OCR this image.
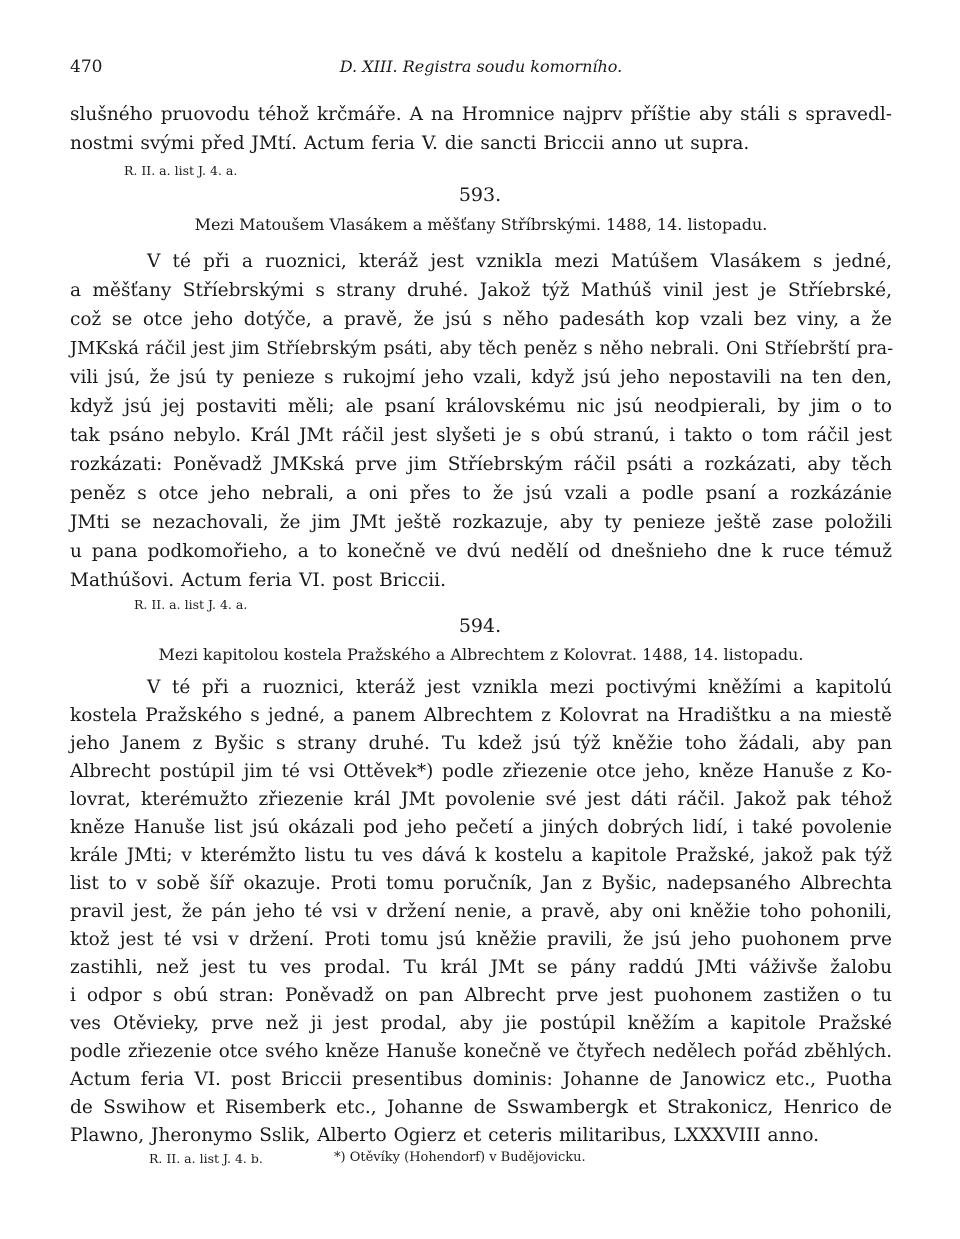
470	D. XIII. Registra soudu komorního.
slušného pruovodu téhož krčmáře. A na Hromnice najprv příštie aby stáli s spravedl-
nostmi svými před JMtí. Actum feria V. die sancti Briccii anno ut supra.
R. II. a. list J. 4. a.
593.
Mezi Matoušem Vlasákem a měšťany Stříbrskými. 1488, 14. listopadu.
V té při a ruoznici, kteráž jest vznikla mezi Matúšem Vlasákem s jedné,
a měšťany Stříebrskými s strany druhé. Jakož týž Mathúš vinil jest je Stříebrské,
což se otce jeho dotýče, a pravě, že jsú s něho padesáth kop vzali bez viny, a že
JMKská ráčil jest jim Stříebrským psáti, aby těch peněz s něho nebrali. Oni Stříebrští pra-
vili jsú, že jsú ty penieze s rukojmí jeho vzali, když jsú jeho nepostavili na ten den,
když jsú jej postaviti měli; ale psaní královskému nic jsú neodpierali, by jim o to
tak psáno nebylo. Král JMt ráčil jest slyšeti je s obú stranú, i takto o tom ráčil jest
rozkázati: Poněvadž JMKská prve jim Stříebrským ráčil psáti a rozkázati, aby těch
peněz s otce jeho nebrali, a oni přes to že jsú vzali a podle psaní a rozkázánie
JMti se nezachovali, že jim JMt ještě rozkazuje, aby ty penieze ještě zase položili
u pana podkomořieho, a to konečně ve dvú nedělí od dnešnieho dne k ruce témuž
Mathúšovi. Actum feria VI. post Briccii.
R. II. a. list J. 4. a.
594.
Mezi kapitolou kostela Pražského a Albrechtem z Kolovrat. 1488, 14. listopadu.
V té při a ruoznici, kteráž jest vznikla mezi poctivými kněžími a kapitolú
kostela Pražského s jedné, a panem Albrechtem z Kolovrat na Hradištku a na miestě
jeho Janem z Byšic s strany druhé. Tu kdež jsú týž kněžie toho žádali, aby pan
Albrecht postúpil jim té vsi Ottěvek*) podle zřiezenie otce jeho, kněze Hanuše z Ko-
lovrat, kterémužto zřiezenie král JMt povolenie své jest dáti ráčil. Jakož pak téhož
kněze Hanuše list jsú okázali pod jeho pečetí a jiných dobrých lidí, i také povolenie
krále JMti; v kterémžto listu tu ves dává k kostelu a kapitole Pražské, jakož pak týž
list to v sobě šíř okazuje. Proti tomu poručník, Jan z Byšic, nadepsaného Albrechta
pravil jest, že pán jeho té vsi v držení nenie, a pravě, aby oni kněžie toho pohonili,
ktož jest té vsi v držení. Proti tomu jsú kněžie pravili, že jsú jeho puohonem prve
zastihli, než jest tu ves prodal. Tu král JMt se pány raddú JMti váživše žalobu
i odpor s obú stran: Poněvadž on pan Albrecht prve jest puohonem zastižen o tu
ves Otěvieky, prve než ji jest prodal, aby jie postúpil kněžím a kapitole Pražské
podle zřiezenie otce svého kněze Hanuše konečně ve čtyřech nedělech pořád zběhlých.
Actum feria VI. post Briccii presentibus dominis: Johanne de Janowicz etc., Puotha
de Sswihow et Risemberk etc., Johanne de Sswambergk et Strakonicz, Henrico de
Plawno, Jheronymo Sslik, Alberto Ogierz et ceteris militaribus, LXXXVIII anno.
R. II. a. list J. 4. b.	*) Otěvíky (Hohendorf) v Budějovicku.
